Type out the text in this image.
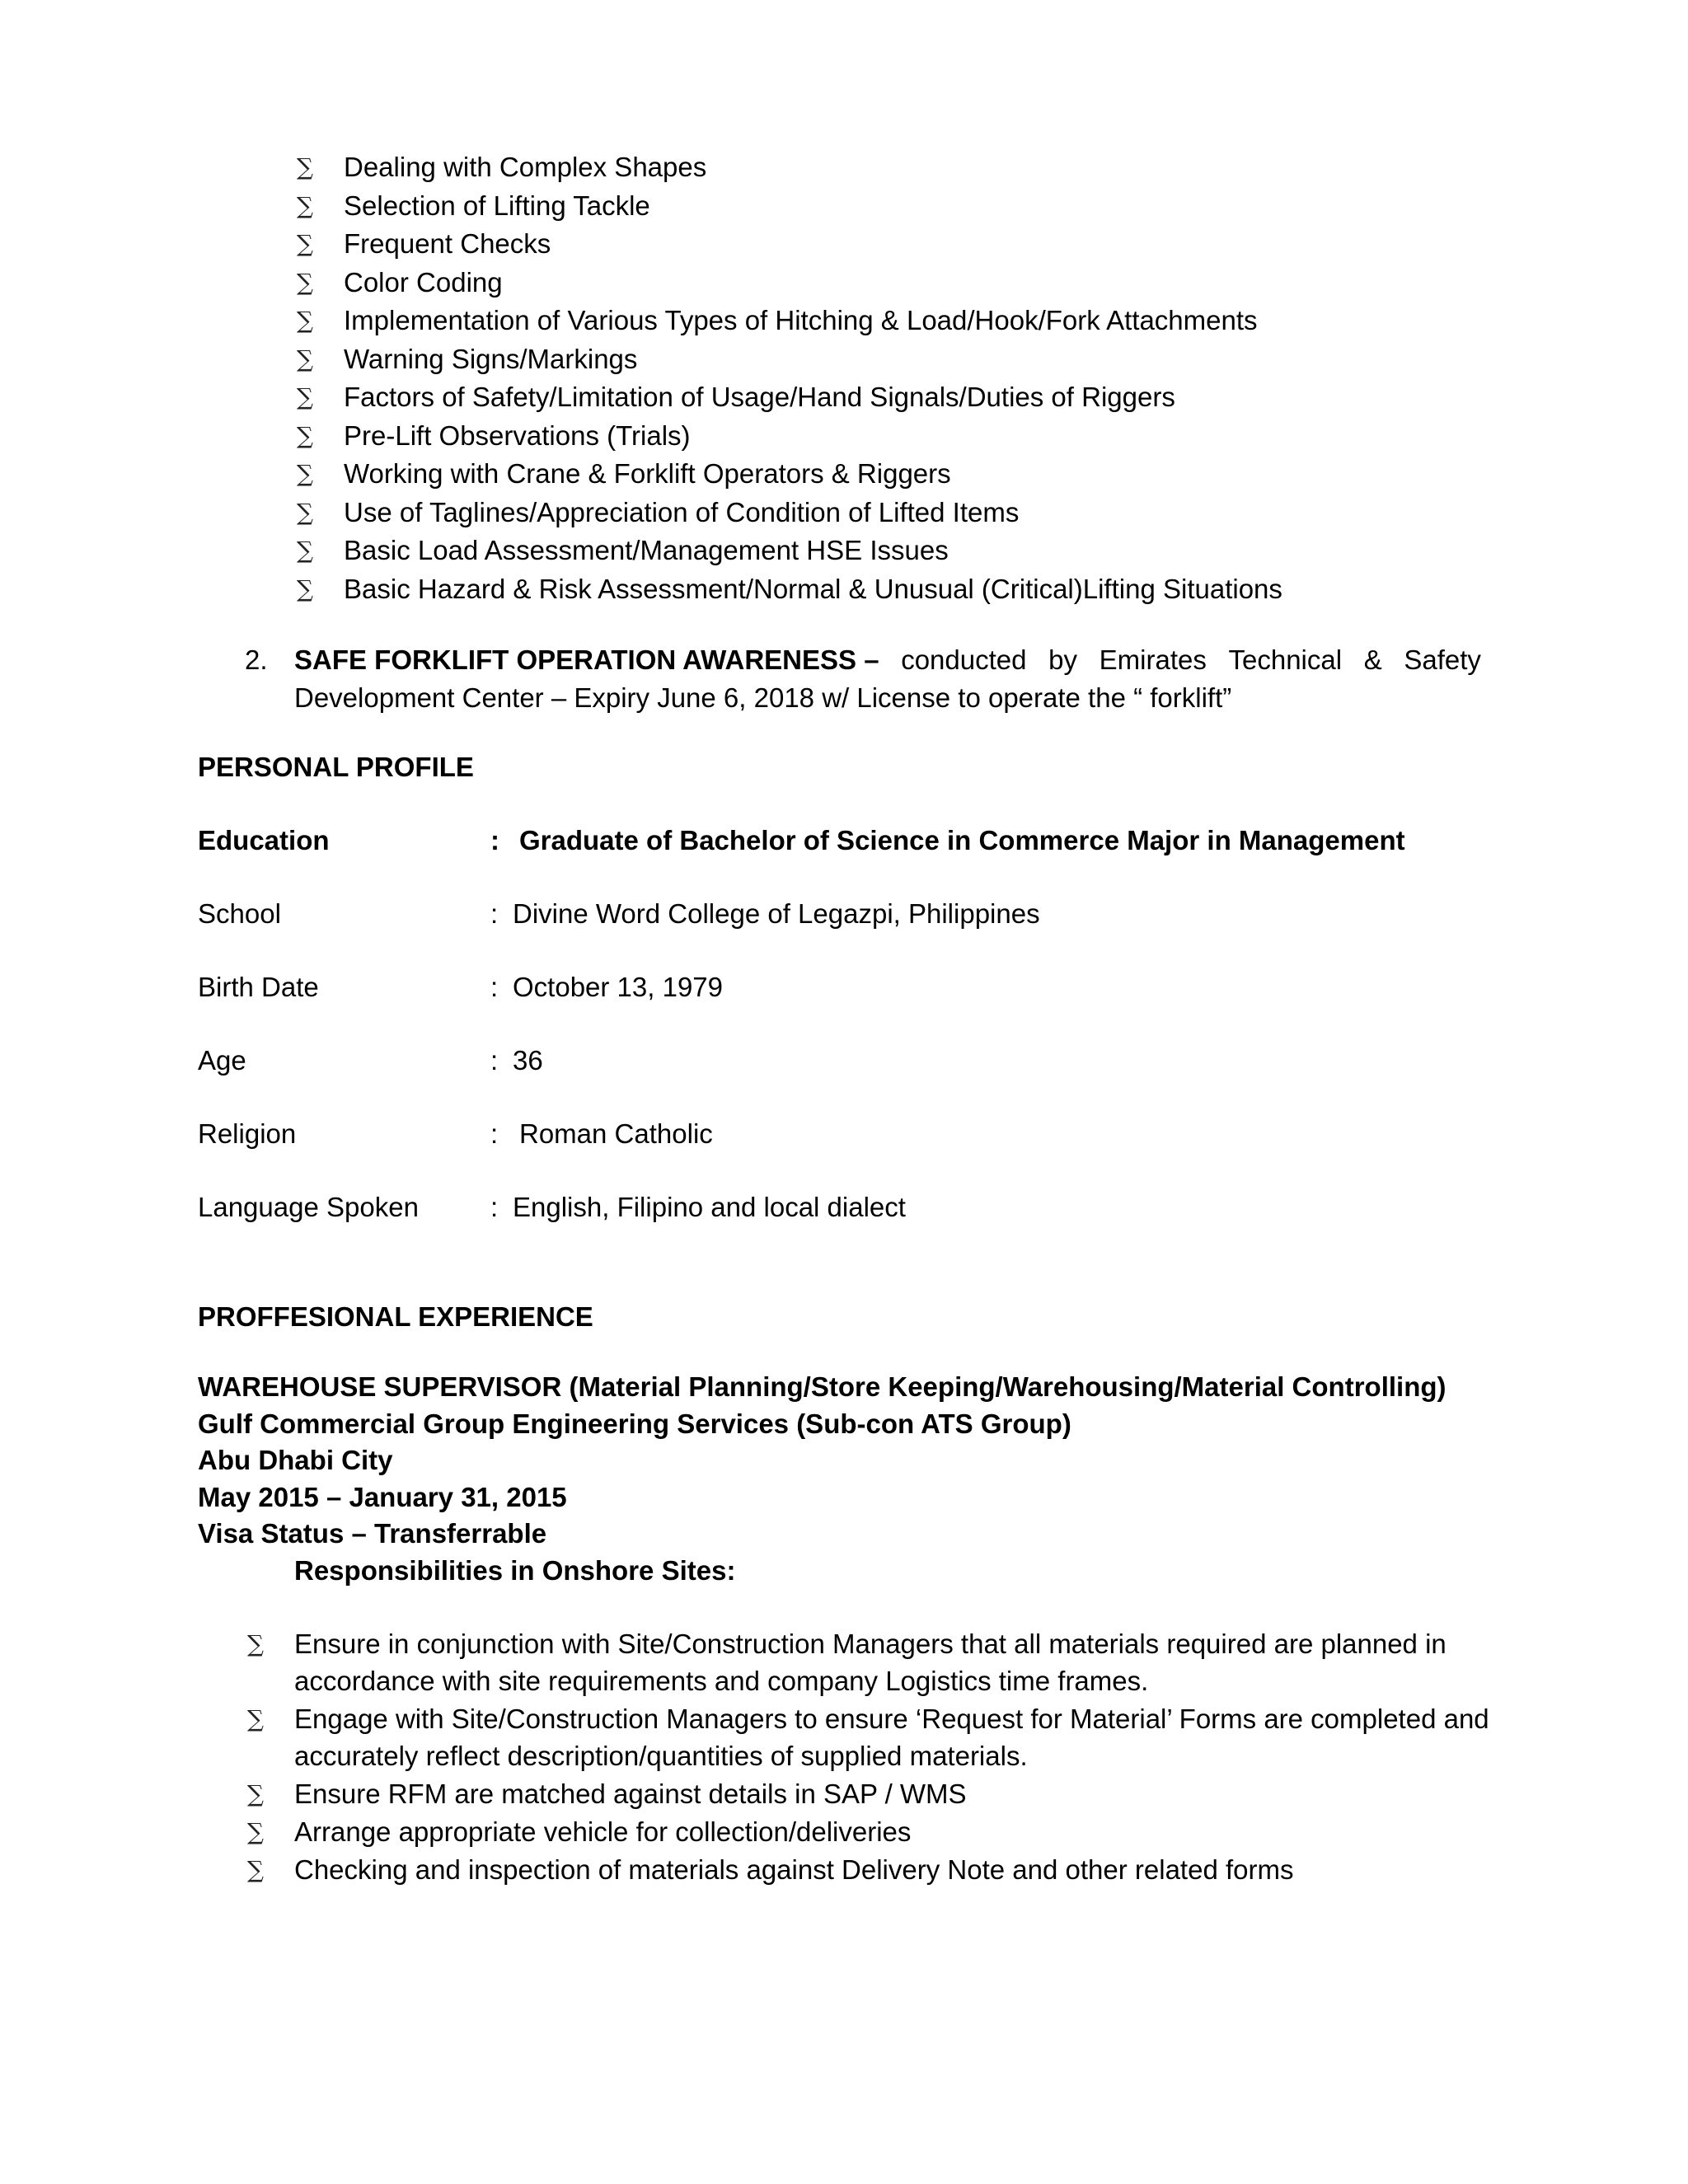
∑ Dealing with Complex Shapes
∑ Selection of Lifting Tackle
∑ Frequent Checks
∑ Color Coding
∑ Implementation of Various Types of Hitching & Load/Hook/Fork Attachments
∑ Warning Signs/Markings
∑ Factors of Safety/Limitation of Usage/Hand Signals/Duties of Riggers
∑ Pre-Lift Observations (Trials)
∑ Working with Crane & Forklift Operators & Riggers
∑ Use of Taglines/Appreciation of Condition of Lifted Items
∑ Basic Load Assessment/Management HSE Issues
∑ Basic Hazard & Risk Assessment/Normal & Unusual (Critical)Lifting Situations
2. SAFE FORKLIFT OPERATION AWARENESS – conducted by Emirates Technical & Safety
Development Center – Expiry June 6, 2018 w/ License to operate the “ forklift”
PERSONAL PROFILE
Education	: Graduate of Bachelor of Science in Commerce Major in Management
School	: Divine Word College of Legazpi, Philippines
Birth Date	: October 13, 1979
Age	: 36
Religion	: Roman Catholic
Language Spoken	: English, Filipino and local dialect
PROFFESIONAL EXPERIENCE
WAREHOUSE SUPERVISOR (Material Planning/Store Keeping/Warehousing/Material Controlling)
Gulf Commercial Group Engineering Services (Sub-con ATS Group)
Abu Dhabi City
May 2015 – January 31, 2015
Visa Status – Transferrable
Responsibilities in Onshore Sites:
∑ Ensure in conjunction with Site/Construction Managers that all materials required are planned in accordance with site requirements and company Logistics time frames.
∑ Engage with Site/Construction Managers to ensure ‘Request for Material’ Forms are completed and accurately reflect description/quantities of supplied materials.
∑ Ensure RFM are matched against details in SAP / WMS
∑ Arrange appropriate vehicle for collection/deliveries
∑ Checking and inspection of materials against Delivery Note and other related forms
